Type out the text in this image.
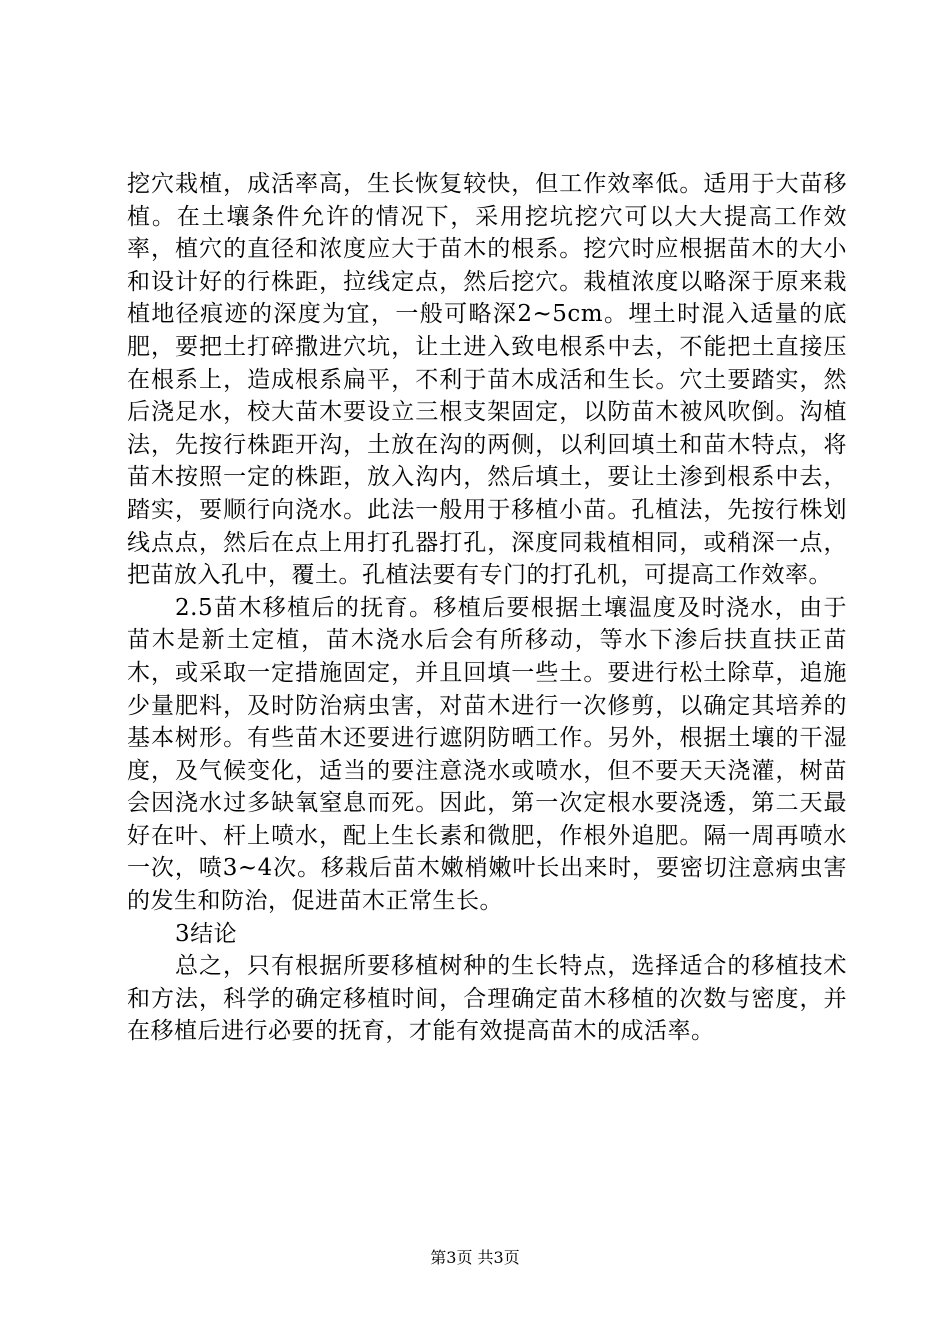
挖穴栽植，成活率高，生长恢复较快，但工作效率低。适用于大苗移植。在土壤条件允许的情况下，采用挖坑挖穴可以大大提高工作效率，植穴的直径和浓度应大于苗木的根系。挖穴时应根据苗木的大小和设计好的行株距，拉线定点，然后挖穴。栽植浓度以略深于原来栽植地径痕迹的深度为宜，一般可略深2~5cm。埋土时混入适量的底肥，要把土打碎撒进穴坑，让土进入致电根系中去，不能把土直接压在根系上，造成根系扁平，不利于苗木成活和生长。穴土要踏实，然后浇足水，校大苗木要设立三根支架固定，以防苗木被风吹倒。沟植法，先按行株距开沟，土放在沟的两侧，以利回填土和苗木特点，将苗木按照一定的株距，放入沟内，然后填土，要让土渗到根系中去，踏实，要顺行向浇水。此法一般用于移植小苗。孔植法，先按行株划线点点，然后在点上用打孔器打孔，深度同栽植相同，或稍深一点，把苗放入孔中，覆土。孔植法要有专门的打孔机，可提高工作效率。

2.5苗木移植后的抚育。移植后要根据土壤温度及时浇水，由于苗木是新土定植，苗木浇水后会有所移动，等水下渗后扶直扶正苗木，或采取一定措施固定，并且回填一些土。要进行松土除草，追施少量肥料，及时防治病虫害，对苗木进行一次修剪，以确定其培养的基本树形。有些苗木还要进行遮阴防晒工作。另外，根据土壤的干湿度，及气候变化，适当的要注意浇水或喷水，但不要天天浇灌，树苗会因浇水过多缺氧窒息而死。因此，第一次定根水要浇透，第二天最好在叶、杆上喷水，配上生长素和微肥，作根外追肥。隔一周再喷水一次，喷3~4次。移栽后苗木嫩梢嫩叶长出来时，要密切注意病虫害的发生和防治，促进苗木正常生长。

3结论

总之，只有根据所要移植树种的生长特点，选择适合的移植技术和方法，科学的确定移植时间，合理确定苗木移植的次数与密度，并在移植后进行必要的抚育，才能有效提高苗木的成活率。

第3页 共3页
